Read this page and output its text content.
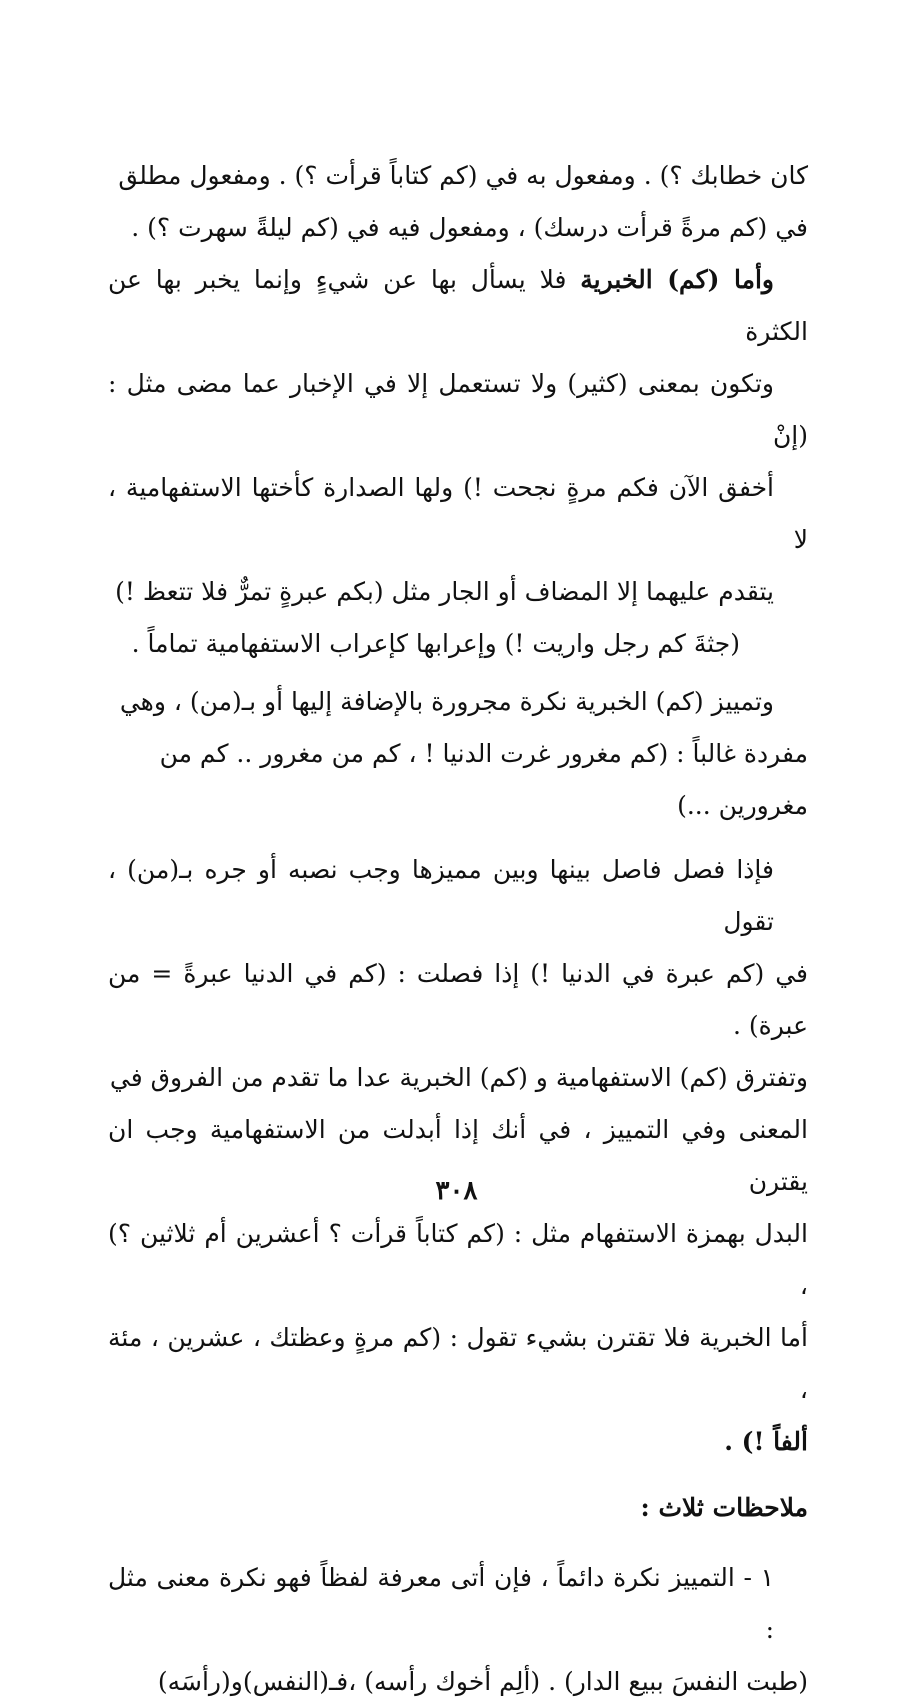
كان خطابك ؟) . ومفعول به في (كم كتاباً قرأت ؟) . ومفعول مطلق
في (كم مرةً قرأت درسك) ، ومفعول فيه في (كم ليلةً سهرت ؟) .
وأما (كم) الخبرية فلا يسأل بها عن شيءٍ وإنما يخبر بها عن الكثرة
وتكون بمعنى (كثير) ولا تستعمل إلا في الإخبار عما مضى مثل : (إنْ
أخفق الآن فكم مرةٍ نجحت !) ولها الصدارة كأختها الاستفهامية ، لا
يتقدم عليهما إلا المضاف أو الجار مثل (بكم عبرةٍ تمرٌّ فلا تتعظ !)
(جثةَ كم رجل واريت !) وإعرابها كإعراب الاستفهامية تماماً .
وتمييز (كم) الخبرية نكرة مجرورة بالإضافة إليها أو بـ(من) ، وهي
مفردة غالباً : (كم مغرور غرت الدنيا ! ، كم من مغرور .. كم من
مغرورين ...)
فإذا فصل فاصل بينها وبين مميزها وجب نصبه أو جره بـ(من) ، تقول
في (كم عبرة في الدنيا !) إذا فصلت : (كم في الدنيا عبرةً = من عبرة) .
وتفترق (كم) الاستفهامية و (كم) الخبرية عدا ما تقدم من الفروق في
المعنى وفي التمييز ، في أنك إذا أبدلت من الاستفهامية وجب ان يقترن
البدل بهمزة الاستفهام مثل : (كم كتاباً قرأت ؟ أعشرين أم ثلاثين ؟) ،
أما الخبرية فلا تقترن بشيء تقول : (كم مرةٍ وعظتك ، عشرين ، مئة ،
ألفاً !) .
ملاحظات ثلاث :
١ - التمييز نكرة دائماً ، فإن أتى معرفة لفظاً فهو نكرة معنى مثل :
(طبت النفسَ ببيع الدار) . (ألِم أخوك رأسه) ،فـ(النفس)و(رأسَه)
٣٠٨
